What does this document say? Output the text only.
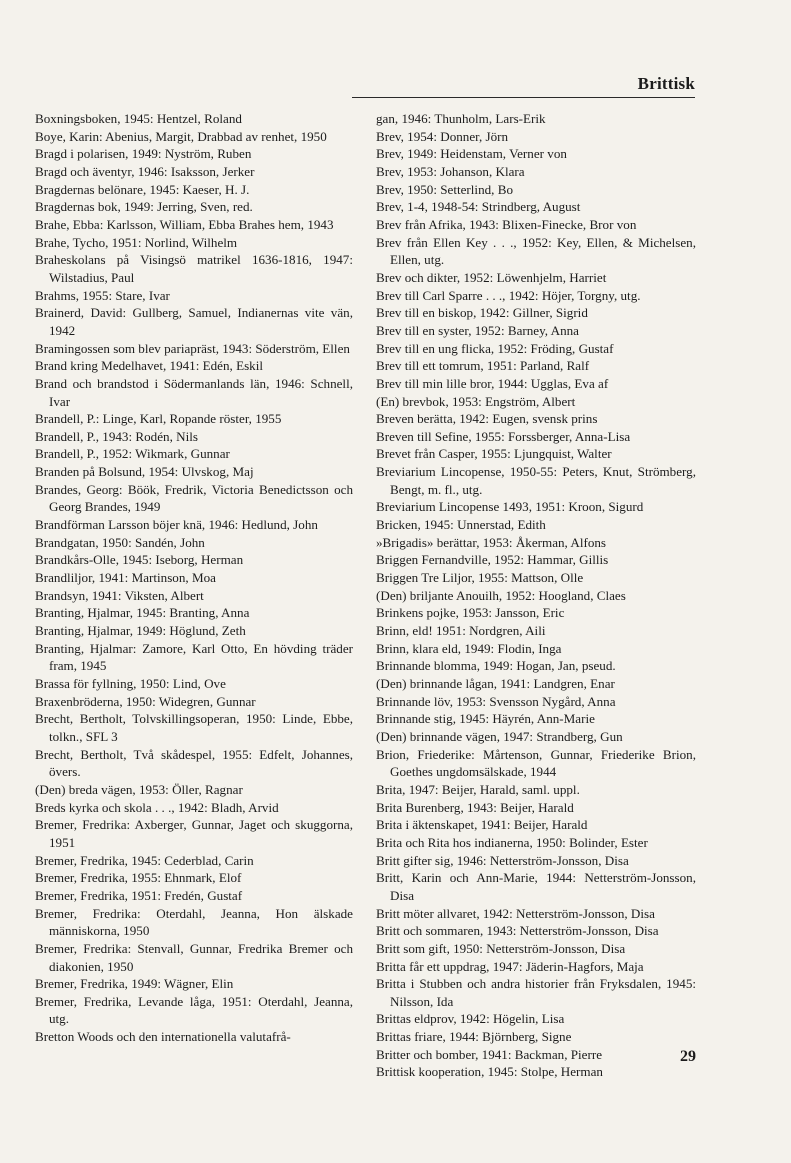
Brittisk

Boxningsboken, 1945: Hentzel, Roland

Boye, Karin: Abenius, Margit, Drabbad av renhet, 1950

Bragd i polarisen, 1949: Nyström, Ruben

Bragd och äventyr, 1946: Isaksson, Jerker

Bragdernas belönare, 1945: Kaeser, H. J.

Bragdernas bok, 1949: Jerring, Sven, red.

Brahe, Ebba: Karlsson, William, Ebba Brahes hem, 1943

Brahe, Tycho, 1951: Norlind, Wilhelm

Braheskolans på Visingsö matrikel 1636-1816, 1947: Wilstadius, Paul

Brahms, 1955: Stare, Ivar

Brainerd, David: Gullberg, Samuel, Indianernas vite vän, 1942

Bramingossen som blev pariapräst, 1943: Söderström, Ellen

Brand kring Medelhavet, 1941: Edén, Eskil

Brand och brandstod i Södermanlands län, 1946: Schnell, Ivar

Brandell, P.: Linge, Karl, Ropande röster, 1955

Brandell, P., 1943: Rodén, Nils

Brandell, P., 1952: Wikmark, Gunnar

Branden på Bolsund, 1954: Ulvskog, Maj

Brandes, Georg: Böök, Fredrik, Victoria Benedictsson och Georg Brandes, 1949

Brandförman Larsson böjer knä, 1946: Hedlund, John

Brandgatan, 1950: Sandén, John

Brandkårs-Olle, 1945: Iseborg, Herman

Brandliljor, 1941: Martinson, Moa

Brandsyn, 1941: Viksten, Albert

Branting, Hjalmar, 1945: Branting, Anna

Branting, Hjalmar, 1949: Höglund, Zeth

Branting, Hjalmar: Zamore, Karl Otto, En hövding träder fram, 1945

Brassa för fyllning, 1950: Lind, Ove

Braxenbröderna, 1950: Widegren, Gunnar

Brecht, Bertholt, Tolvskillingsoperan, 1950: Linde, Ebbe, tolkn., SFL 3

Brecht, Bertholt, Två skådespel, 1955: Edfelt, Johannes, övers.

(Den) breda vägen, 1953: Öller, Ragnar

Breds kyrka och skola . . ., 1942: Bladh, Arvid

Bremer, Fredrika: Axberger, Gunnar, Jaget och skuggorna, 1951

Bremer, Fredrika, 1945: Cederblad, Carin

Bremer, Fredrika, 1955: Ehnmark, Elof

Bremer, Fredrika, 1951: Fredén, Gustaf

Bremer, Fredrika: Oterdahl, Jeanna, Hon älskade människorna, 1950

Bremer, Fredrika: Stenvall, Gunnar, Fredrika Bremer och diakonien, 1950

Bremer, Fredrika, 1949: Wägner, Elin

Bremer, Fredrika, Levande låga, 1951: Oterdahl, Jeanna, utg.

Bretton Woods och den internationella valutafrå-

gan, 1946: Thunholm, Lars-Erik

Brev, 1954: Donner, Jörn

Brev, 1949: Heidenstam, Verner von

Brev, 1953: Johanson, Klara

Brev, 1950: Setterlind, Bo

Brev, 1-4, 1948-54: Strindberg, August

Brev från Afrika, 1943: Blixen-Finecke, Bror von

Brev från Ellen Key . . ., 1952: Key, Ellen, & Michelsen, Ellen, utg.

Brev och dikter, 1952: Löwenhjelm, Harriet

Brev till Carl Sparre . . ., 1942: Höjer, Torgny, utg.

Brev till en biskop, 1942: Gillner, Sigrid

Brev till en syster, 1952: Barney, Anna

Brev till en ung flicka, 1952: Fröding, Gustaf

Brev till ett tomrum, 1951: Parland, Ralf

Brev till min lille bror, 1944: Ugglas, Eva af

(En) brevbok, 1953: Engström, Albert

Breven berätta, 1942: Eugen, svensk prins

Breven till Sefine, 1955: Forssberger, Anna-Lisa

Brevet från Casper, 1955: Ljungquist, Walter

Breviarium Lincopense, 1950-55: Peters, Knut, Strömberg, Bengt, m. fl., utg.

Breviarium Lincopense 1493, 1951: Kroon, Sigurd

Bricken, 1945: Unnerstad, Edith

»Brigadis» berättar, 1953: Åkerman, Alfons

Briggen Fernandville, 1952: Hammar, Gillis

Briggen Tre Liljor, 1955: Mattson, Olle

(Den) briljante Anouilh, 1952: Hoogland, Claes

Brinkens pojke, 1953: Jansson, Eric

Brinn, eld! 1951: Nordgren, Aili

Brinn, klara eld, 1949: Flodin, Inga

Brinnande blomma, 1949: Hogan, Jan, pseud.

(Den) brinnande lågan, 1941: Landgren, Enar

Brinnande löv, 1953: Svensson Nygård, Anna

Brinnande stig, 1945: Häyrén, Ann-Marie

(Den) brinnande vägen, 1947: Strandberg, Gun

Brion, Friederike: Mårtenson, Gunnar, Friederike Brion, Goethes ungdomsälskade, 1944

Brita, 1947: Beijer, Harald, saml. uppl.

Brita Burenberg, 1943: Beijer, Harald

Brita i äktenskapet, 1941: Beijer, Harald

Brita och Rita hos indianerna, 1950: Bolinder, Ester

Britt gifter sig, 1946: Netterström-Jonsson, Disa

Britt, Karin och Ann-Marie, 1944: Netterström-Jonsson, Disa

Britt möter allvaret, 1942: Netterström-Jonsson, Disa

Britt och sommaren, 1943: Netterström-Jonsson, Disa

Britt som gift, 1950: Netterström-Jonsson, Disa

Britta får ett uppdrag, 1947: Jäderin-Hagfors, Maja

Britta i Stubben och andra historier från Fryksdalen, 1945: Nilsson, Ida

Brittas eldprov, 1942: Högelin, Lisa

Brittas friare, 1944: Björnberg, Signe

Britter och bomber, 1941: Backman, Pierre

Brittisk kooperation, 1945: Stolpe, Herman

29
